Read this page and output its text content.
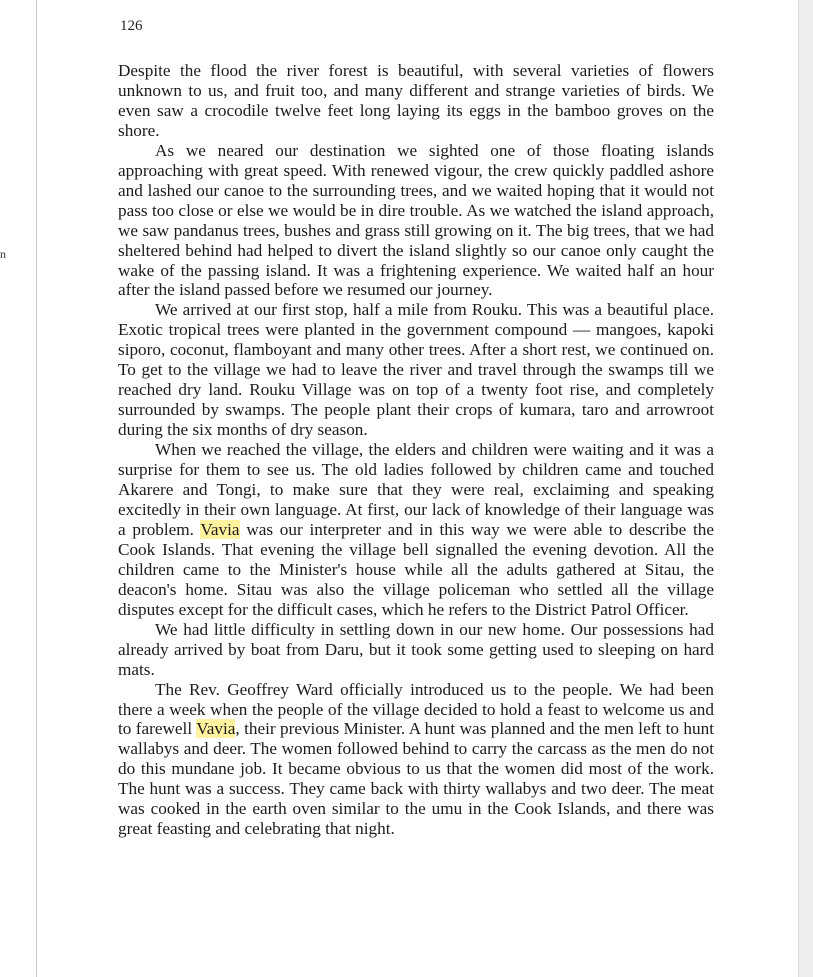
n
126

Despite the flood the river forest is beautiful, with several varieties of flowers unknown to us, and fruit too, and many different and strange varieties of birds. We even saw a crocodile twelve feet long laying its eggs in the bamboo groves on the shore.

As we neared our destination we sighted one of those floating islands approaching with great speed. With renewed vigour, the crew quickly paddled ashore and lashed our canoe to the surrounding trees, and we waited hoping that it would not pass too close or else we would be in dire trouble. As we watched the island approach, we saw pandanus trees, bushes and grass still growing on it. The big trees, that we had sheltered behind had helped to divert the island slightly so our canoe only caught the wake of the passing island. It was a frightening experience. We waited half an hour after the island passed before we resumed our journey.

We arrived at our first stop, half a mile from Rouku. This was a beautiful place. Exotic tropical trees were planted in the government compound — mangoes, kapoki siporo, coconut, flamboyant and many other trees. After a short rest, we continued on. To get to the village we had to leave the river and travel through the swamps till we reached dry land. Rouku Village was on top of a twenty foot rise, and completely surrounded by swamps. The people plant their crops of kumara, taro and arrowroot during the six months of dry season.

When we reached the village, the elders and children were waiting and it was a surprise for them to see us. The old ladies followed by children came and touched Akarere and Tongi, to make sure that they were real, exclaiming and speaking excitedly in their own language. At first, our lack of knowledge of their language was a problem. Vavia was our interpreter and in this way we were able to describe the Cook Islands. That evening the village bell signalled the evening devotion. All the children came to the Minister's house while all the adults gathered at Sitau, the deacon's home. Sitau was also the village policeman who settled all the village disputes except for the difficult cases, which he refers to the District Patrol Officer.

We had little difficulty in settling down in our new home. Our possessions had already arrived by boat from Daru, but it took some getting used to sleeping on hard mats.

The Rev. Geoffrey Ward officially introduced us to the people. We had been there a week when the people of the village decided to hold a feast to welcome us and to farewell Vavia, their previous Minister. A hunt was planned and the men left to hunt wallabys and deer. The women followed behind to carry the carcass as the men do not do this mundane job. It became obvious to us that the women did most of the work. The hunt was a success. They came back with thirty wallabys and two deer. The meat was cooked in the earth oven similar to the umu in the Cook Islands, and there was great feasting and celebrating that night.
